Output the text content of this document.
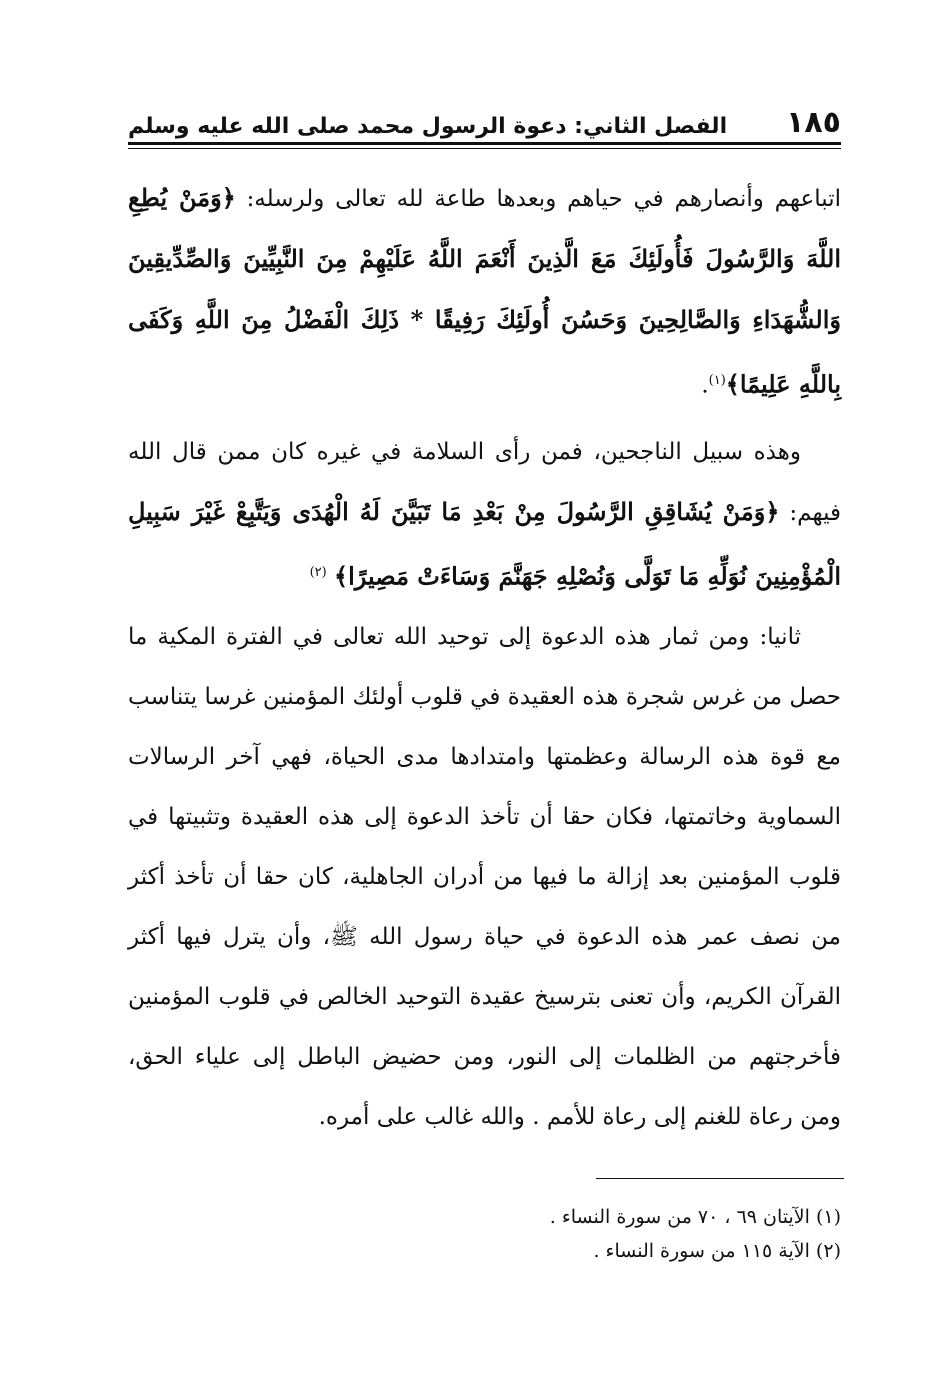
١٨٥
الفصل الثاني: دعوة الرسول محمد صلى الله عليه وسلم

اتباعهم وأنصارهم في حياهم وبعدها طاعة لله تعالى ولرسله: ﴿وَمَنْ يُطِعِ اللَّهَ وَالرَّسُولَ فَأُولَئِكَ مَعَ الَّذِينَ أَنْعَمَ اللَّهُ عَلَيْهِمْ مِنَ النَّبِيِّينَ وَالصِّدِّيقِينَ وَالشُّهَدَاءِ وَالصَّالِحِينَ وَحَسُنَ أُولَئِكَ رَفِيقًا * ذَلِكَ الْفَضْلُ مِنَ اللَّهِ وَكَفَى بِاللَّهِ عَلِيمًا﴾$^{(١)}$.

وهذه سبيل الناجحين، فمن رأى السلامة في غيره كان ممن قال الله فيهم: ﴿وَمَنْ يُشَاقِقِ الرَّسُولَ مِنْ بَعْدِ مَا تَبَيَّنَ لَهُ الْهُدَى وَيَتَّبِعْ غَيْرَ سَبِيلِ الْمُؤْمِنِينَ نُوَلِّهِ مَا تَوَلَّى وَنُصْلِهِ جَهَنَّمَ وَسَاءَتْ مَصِيرًا﴾ $^{(٢)}$

ثانيا: ومن ثمار هذه الدعوة إلى توحيد الله تعالى في الفترة المكية ما حصل من غرس شجرة هذه العقيدة في قلوب أولئك المؤمنين غرسا يتناسب مع قوة هذه الرسالة وعظمتها وامتدادها مدى الحياة، فهي آخر الرسالات السماوية وخاتمتها، فكان حقا أن تأخذ الدعوة إلى هذه العقيدة وتثبيتها في قلوب المؤمنين بعد إزالة ما فيها من أدران الجاهلية، كان حقا أن تأخذ أكثر من نصف عمر هذه الدعوة في حياة رسول الله ﷺ، وأن يترل فيها أكثر القرآن الكريم، وأن تعنى بترسيخ عقيدة التوحيد الخالص في قلوب المؤمنين فأخرجتهم من الظلمات إلى النور، ومن حضيض الباطل إلى علياء الحق، ومن رعاة للغنم إلى رعاة للأمم . والله غالب على أمره.

(١) الآيتان ٦٩ ، ٧٠ من سورة النساء .

(٢) الآية ١١٥ من سورة النساء .
